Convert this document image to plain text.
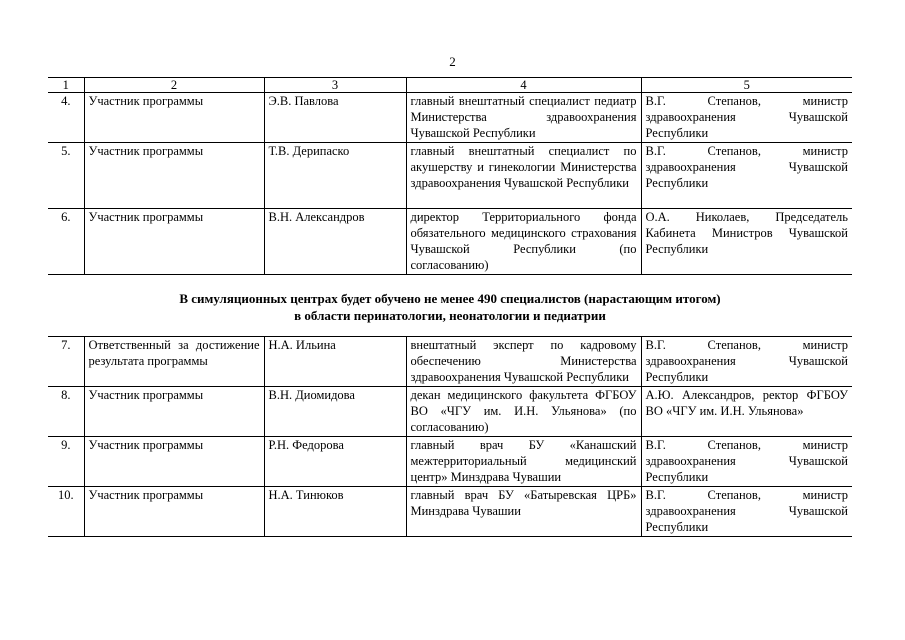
2
1	2	3	4	5
4.	Участник программы	Э.В. Павлова	главный внештатный специалист педиатр Министерства здравоохранения Чувашской Республики	В.Г. Степанов, министр здравоохранения Чувашской Республики
5.	Участник программы	Т.В. Дерипаско	главный внештатный специалист по акушерству и гинекологии Министерства здравоохранения Чувашской Республики	В.Г. Степанов, министр здравоохранения Чувашской Республики
6.	Участник программы	В.Н. Александров	директор Территориального фонда обязательного медицинского страхования Чувашской Республики (по согласованию)	О.А. Николаев, Председатель Кабинета Министров Чувашской Республики
В симуляционных центрах будет обучено не менее 490 специалистов (нарастающим итогом)
в области перинатологии, неонатологии и педиатрии
7.	Ответственный за достижение результата программы	Н.А. Ильина	внештатный эксперт по кадровому обеспечению Министерства здравоохранения Чувашской Республики	В.Г. Степанов, министр здравоохранения Чувашской Республики
8.	Участник программы	В.Н. Диомидова	декан медицинского факультета ФГБОУ ВО «ЧГУ им. И.Н. Ульянова» (по согласованию)	А.Ю. Александров, ректор ФГБОУ ВО «ЧГУ им. И.Н. Ульянова»
9.	Участник программы	Р.Н. Федорова	главный врач БУ «Канашский межтерриториальный медицинский центр» Минздрава Чувашии	В.Г. Степанов, министр здравоохранения Чувашской Республики
10.	Участник программы	Н.А. Тинюков	главный врач БУ «Батыревская ЦРБ» Минздрава Чувашии	В.Г. Степанов, министр здравоохранения Чувашской Республики
